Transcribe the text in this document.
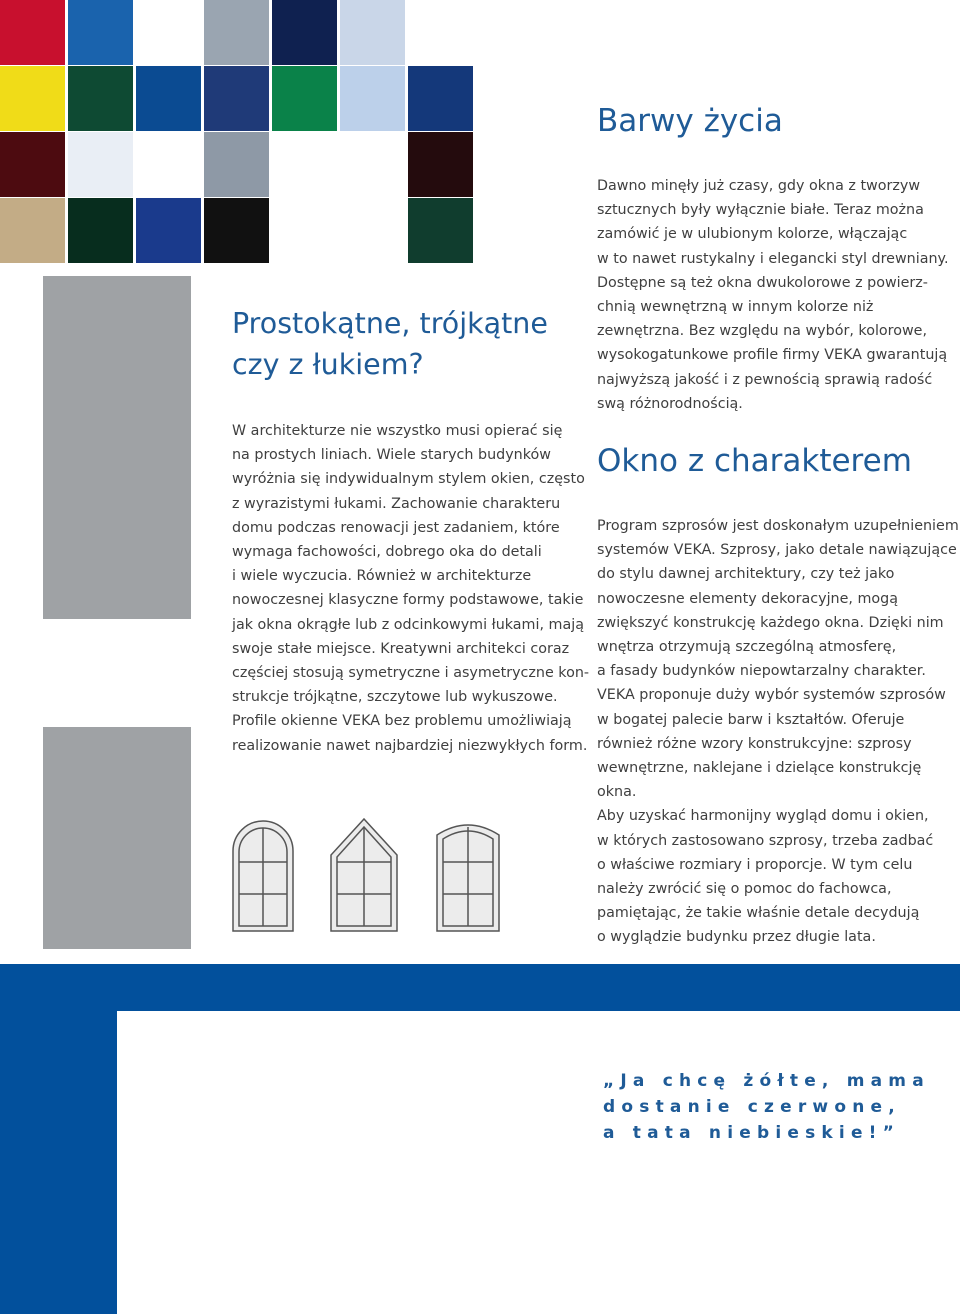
Barwy życia

Dawno minęły już czasy, gdy okna z tworzyw
sztucznych były wyłącznie białe. Teraz można
zamówić je w ulubionym kolorze, włączając
w to nawet rustykalny i elegancki styl drewniany.
Dostępne są też okna dwukolorowe z powierz-
chnią wewnętrzną w innym kolorze niż
zewnętrzna. Bez względu na wybór, kolorowe,
wysokogatunkowe profile firmy VEKA gwarantują
najwyższą jakość i z pewnością sprawią radość
swą różnorodnością.

Prostokątne, trójkątne
czy z łukiem?

W architekturze nie wszystko musi opierać się
na prostych liniach. Wiele starych budynków
wyróżnia się indywidualnym stylem okien, często
z wyrazistymi łukami. Zachowanie charakteru
domu podczas renowacji jest zadaniem, które
wymaga fachowości, dobrego oka do detali
i wiele wyczucia. Również w architekturze
nowoczesnej klasyczne formy podstawowe, takie
jak okna okrągłe lub z odcinkowymi łukami, mają
swoje stałe miejsce. Kreatywni architekci coraz
częściej stosują symetryczne i asymetryczne kon-
strukcje trójkątne, szczytowe lub wykuszowe.
Profile okienne VEKA bez problemu umożliwiają
realizowanie nawet najbardziej niezwykłych form.

Okno z charakterem

Program szprosów jest doskonałym uzupełnieniem
systemów VEKA. Szprosy, jako detale nawiązujące
do stylu dawnej architektury, czy też jako
nowoczesne elementy dekoracyjne, mogą
zwiększyć konstrukcję każdego okna. Dzięki nim
wnętrza otrzymują szczególną atmosferę,
a fasady budynków niepowtarzalny charakter.
VEKA proponuje duży wybór systemów szprosów
w bogatej palecie barw i kształtów. Oferuje
również różne wzory konstrukcyjne: szprosy
wewnętrzne, naklejane i dzielące konstrukcję okna.
Aby uzyskać harmonijny wygląd domu i okien,
w których zastosowano szprosy, trzeba zadbać
o właściwe rozmiary i proporcje. W tym celu
należy zwrócić się o pomoc do fachowca,
pamiętając, że takie właśnie detale decydują
o wyglądzie budynku przez długie lata.

„Ja chcę żółte, mama
dostanie czerwone,
a tata niebieskie!”
